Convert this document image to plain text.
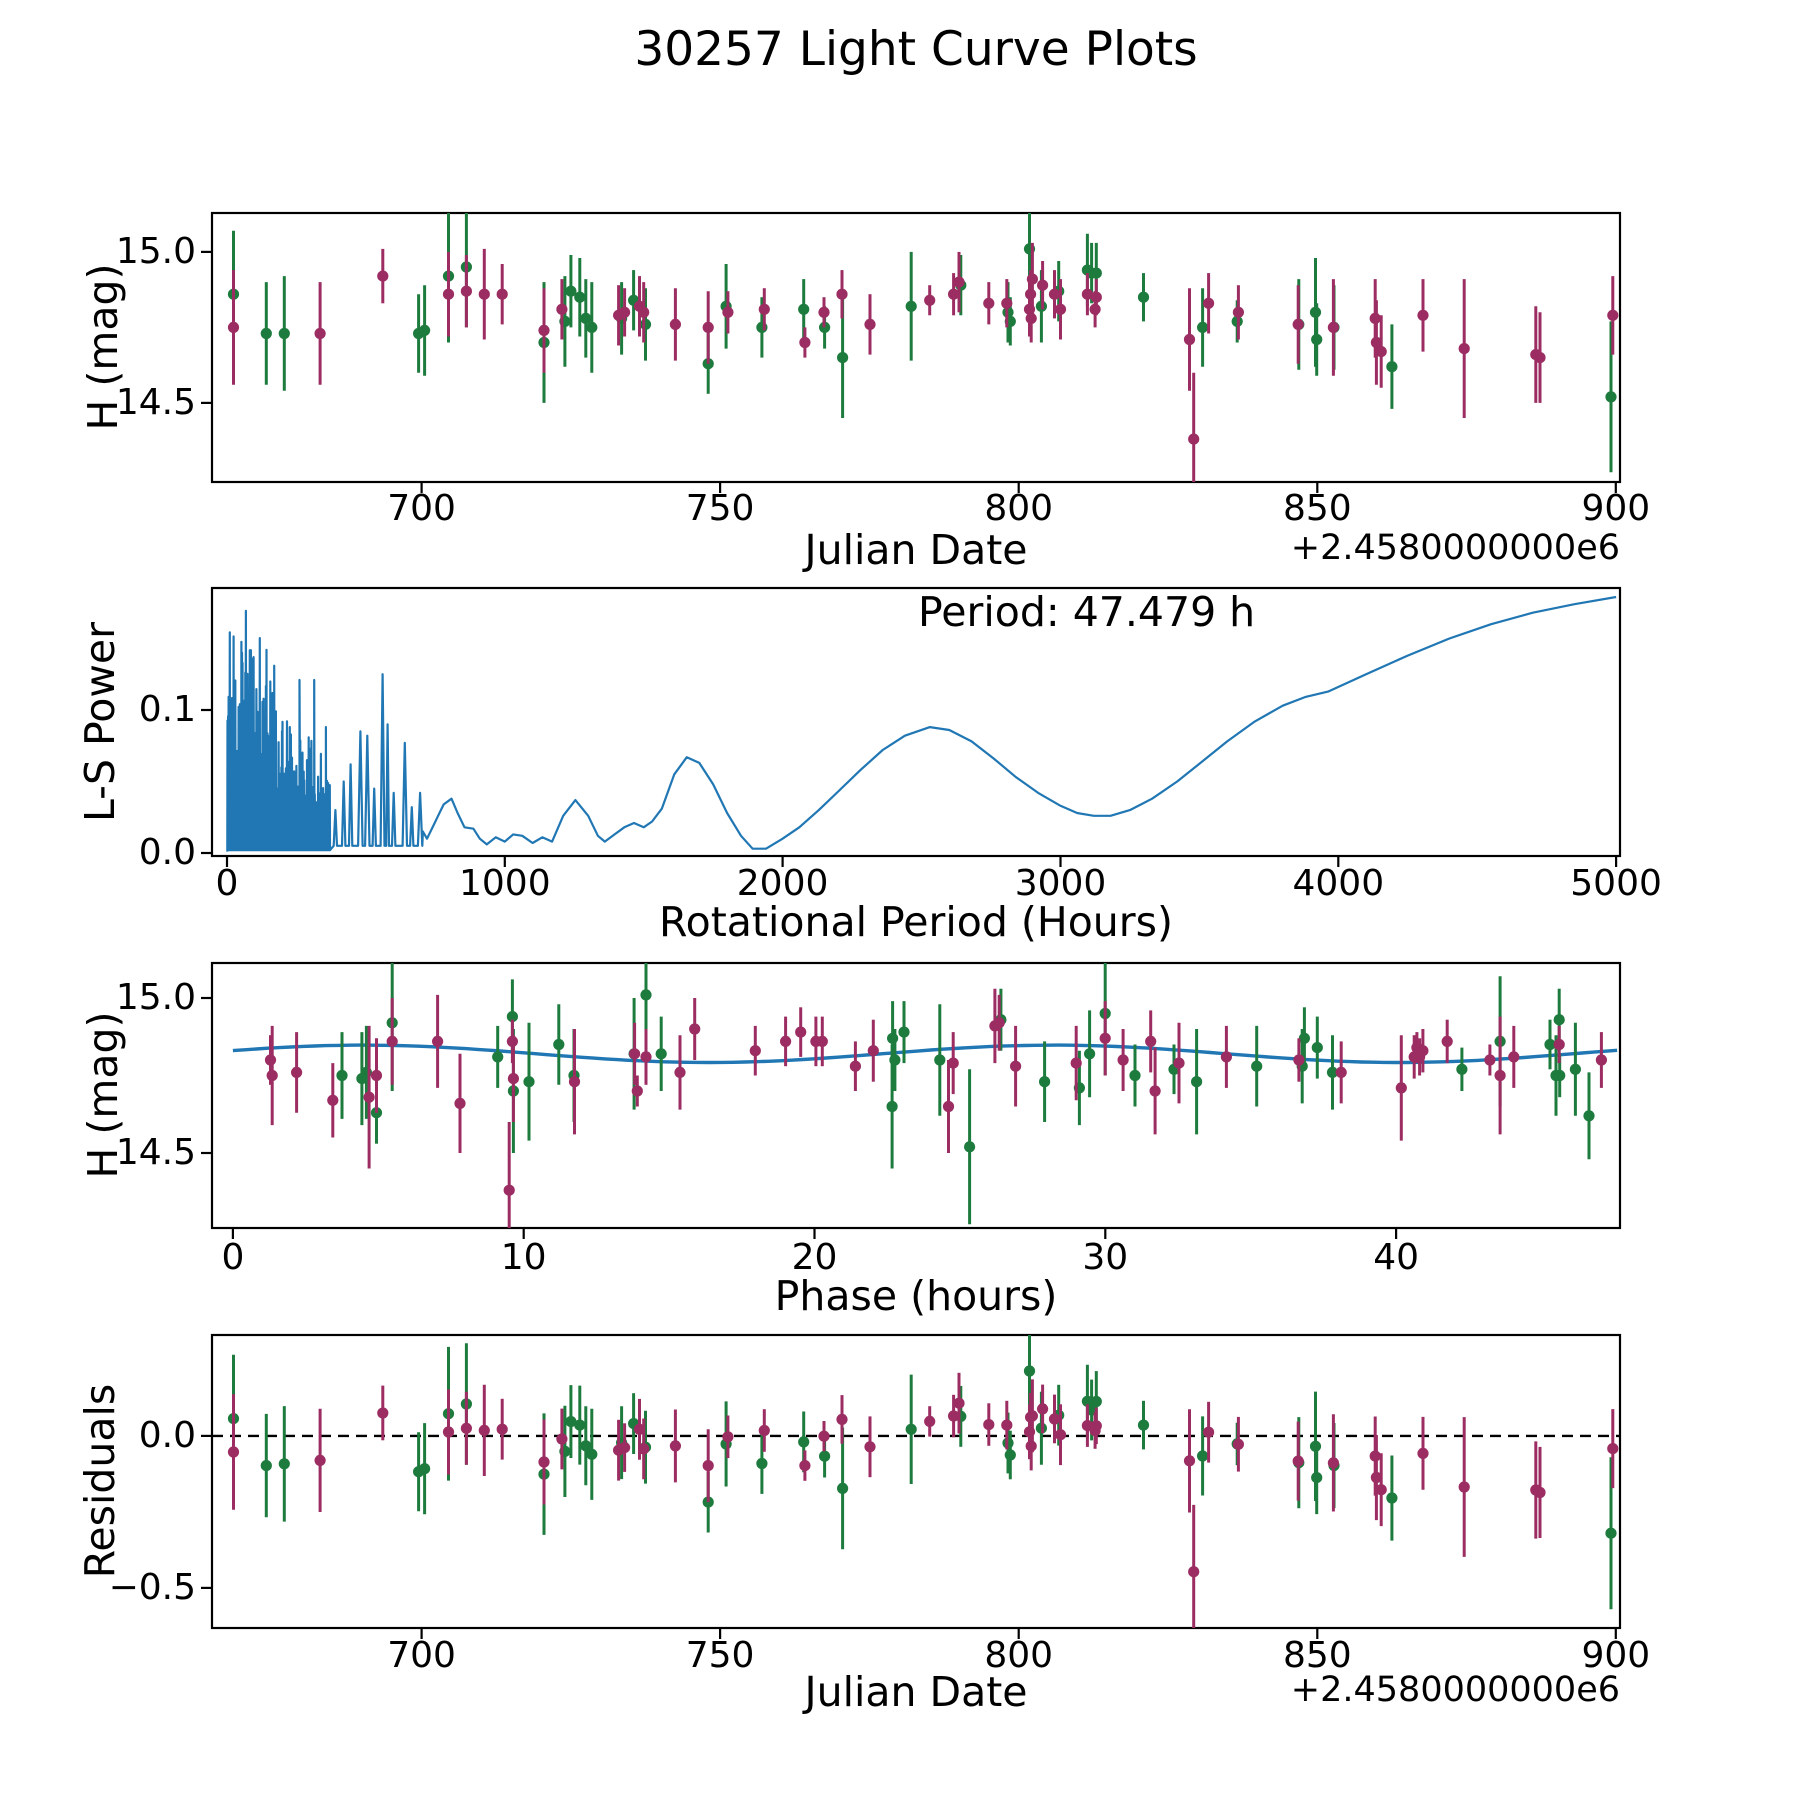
30257 Light Curve Plots
H (mag)
Julian Date	+2.4580000000e6
L-S Power
Rotational Period (Hours)
Period: 47.479 h
H (mag)
Phase (hours)
Residuals
Julian Date	+2.4580000000e6
700	750	800	850	900
14.5
15.0
0	1000	2000	3000	4000	5000
0.0
0.1
0	10	20	30	40
14.5
15.0
700	750	800	850	900
−0.5
0.0
